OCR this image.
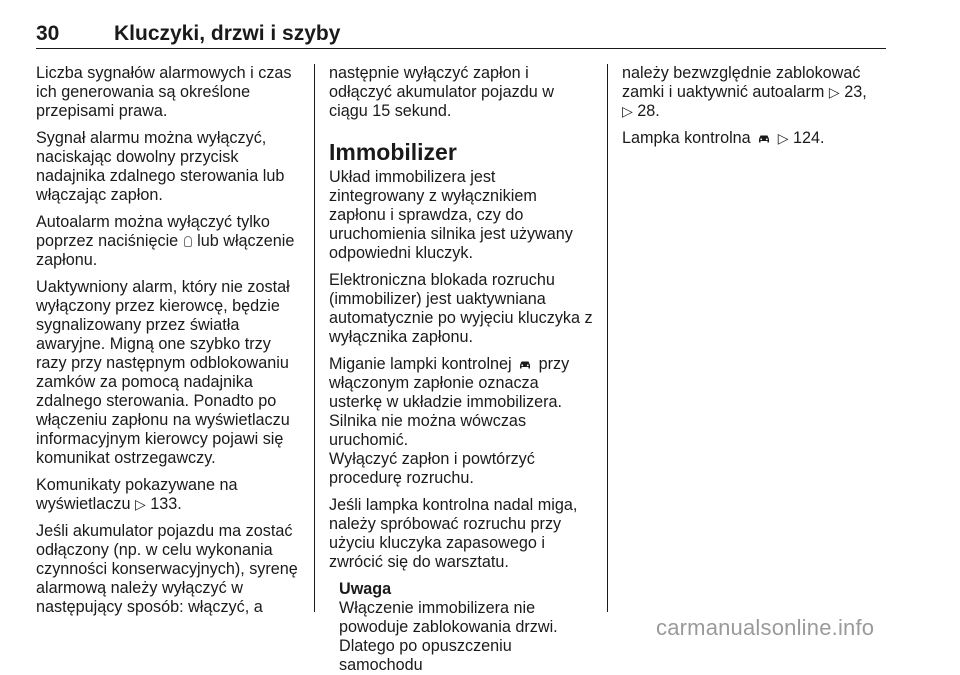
30	Kluczyki, drzwi i szyby

Liczba sygnałów alarmowych i czas ich generowania są określone przepisami prawa.

Sygnał alarmu można wyłączyć, naciskając dowolny przycisk nadajnika zdalnego sterowania lub włączając zapłon.

Autoalarm można wyłączyć tylko poprzez naciśnięcie  lub włączenie zapłonu.

Uaktywniony alarm, który nie został wyłączony przez kierowcę, będzie sygnalizowany przez światła awaryjne. Migną one szybko trzy razy przy następnym odblokowaniu zamków za pomocą nadajnika zdalnego sterowania. Ponadto po włączeniu zapłonu na wyświetlaczu informacyjnym kierowcy pojawi się komunikat ostrzegawczy.

Komunikaty pokazywane na wyświetlaczu ▷ 133.

Jeśli akumulator pojazdu ma zostać odłączony (np. w celu wykonania czynności konserwacyjnych), syrenę alarmową należy wyłączyć w następujący sposób: włączyć, a

następnie wyłączyć zapłon i odłączyć akumulator pojazdu w ciągu 15 sekund.

Immobilizer

Układ immobilizera jest zintegrowany z wyłącznikiem zapłonu i sprawdza, czy do uruchomienia silnika jest używany odpowiedni kluczyk.

Elektroniczna blokada rozruchu (immobilizer) jest uaktywniana automatycznie po wyjęciu kluczyka z wyłącznika zapłonu.

Miganie lampki kontrolnej  przy włączonym zapłonie oznacza usterkę w układzie immobilizera. Silnika nie można wówczas uruchomić.

Wyłączyć zapłon i powtórzyć procedurę rozruchu.

Jeśli lampka kontrolna nadal miga, należy spróbować rozruchu przy użyciu kluczyka zapasowego i zwrócić się do warsztatu.

Uwaga
Włączenie immobilizera nie
powoduje zablokowania drzwi.
Dlatego po opuszczeniu samochodu

należy bezwzględnie zablokować zamki i uaktywnić autoalarm ▷ 23,
▷ 28.

Lampka kontrolna  ▷ 124.

carmanualsonline.info
